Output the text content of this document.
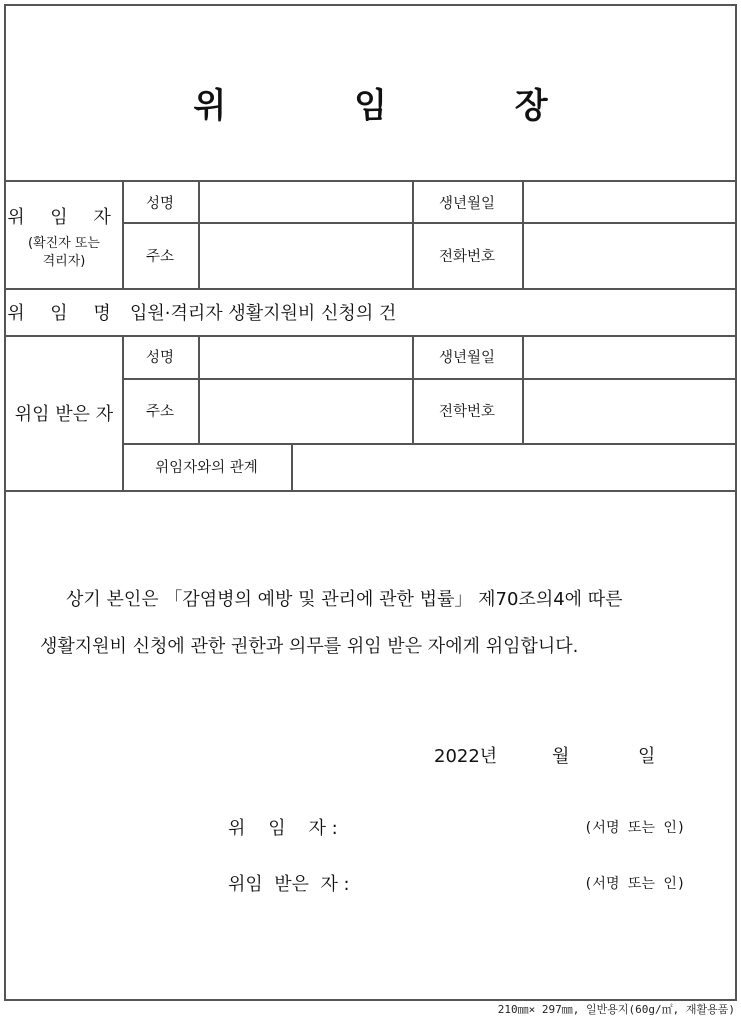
위 임 장
위 임 자
(확진자 또는
격리자)
성명	생년월일
주소	전화번호
위 임 명 입원·격리자 생활지원비 신청의 건
위임 받은 자
성명	생년월일
주소	전학번호
위임자와의 관계
상기 본인은 「감염병의 예방 및 관리에 관한 법률」 제70조의4에 따른
생활지원비 신청에 관한 권한과 의무를 위임 받은 자에게 위임합니다.
2022년	월	일
위    임    자 :	(서명 또는 인)
위임  받은  자 :	(서명 또는 인)
210㎜× 297㎜, 일반용지(60g/㎡, 재활용품)
